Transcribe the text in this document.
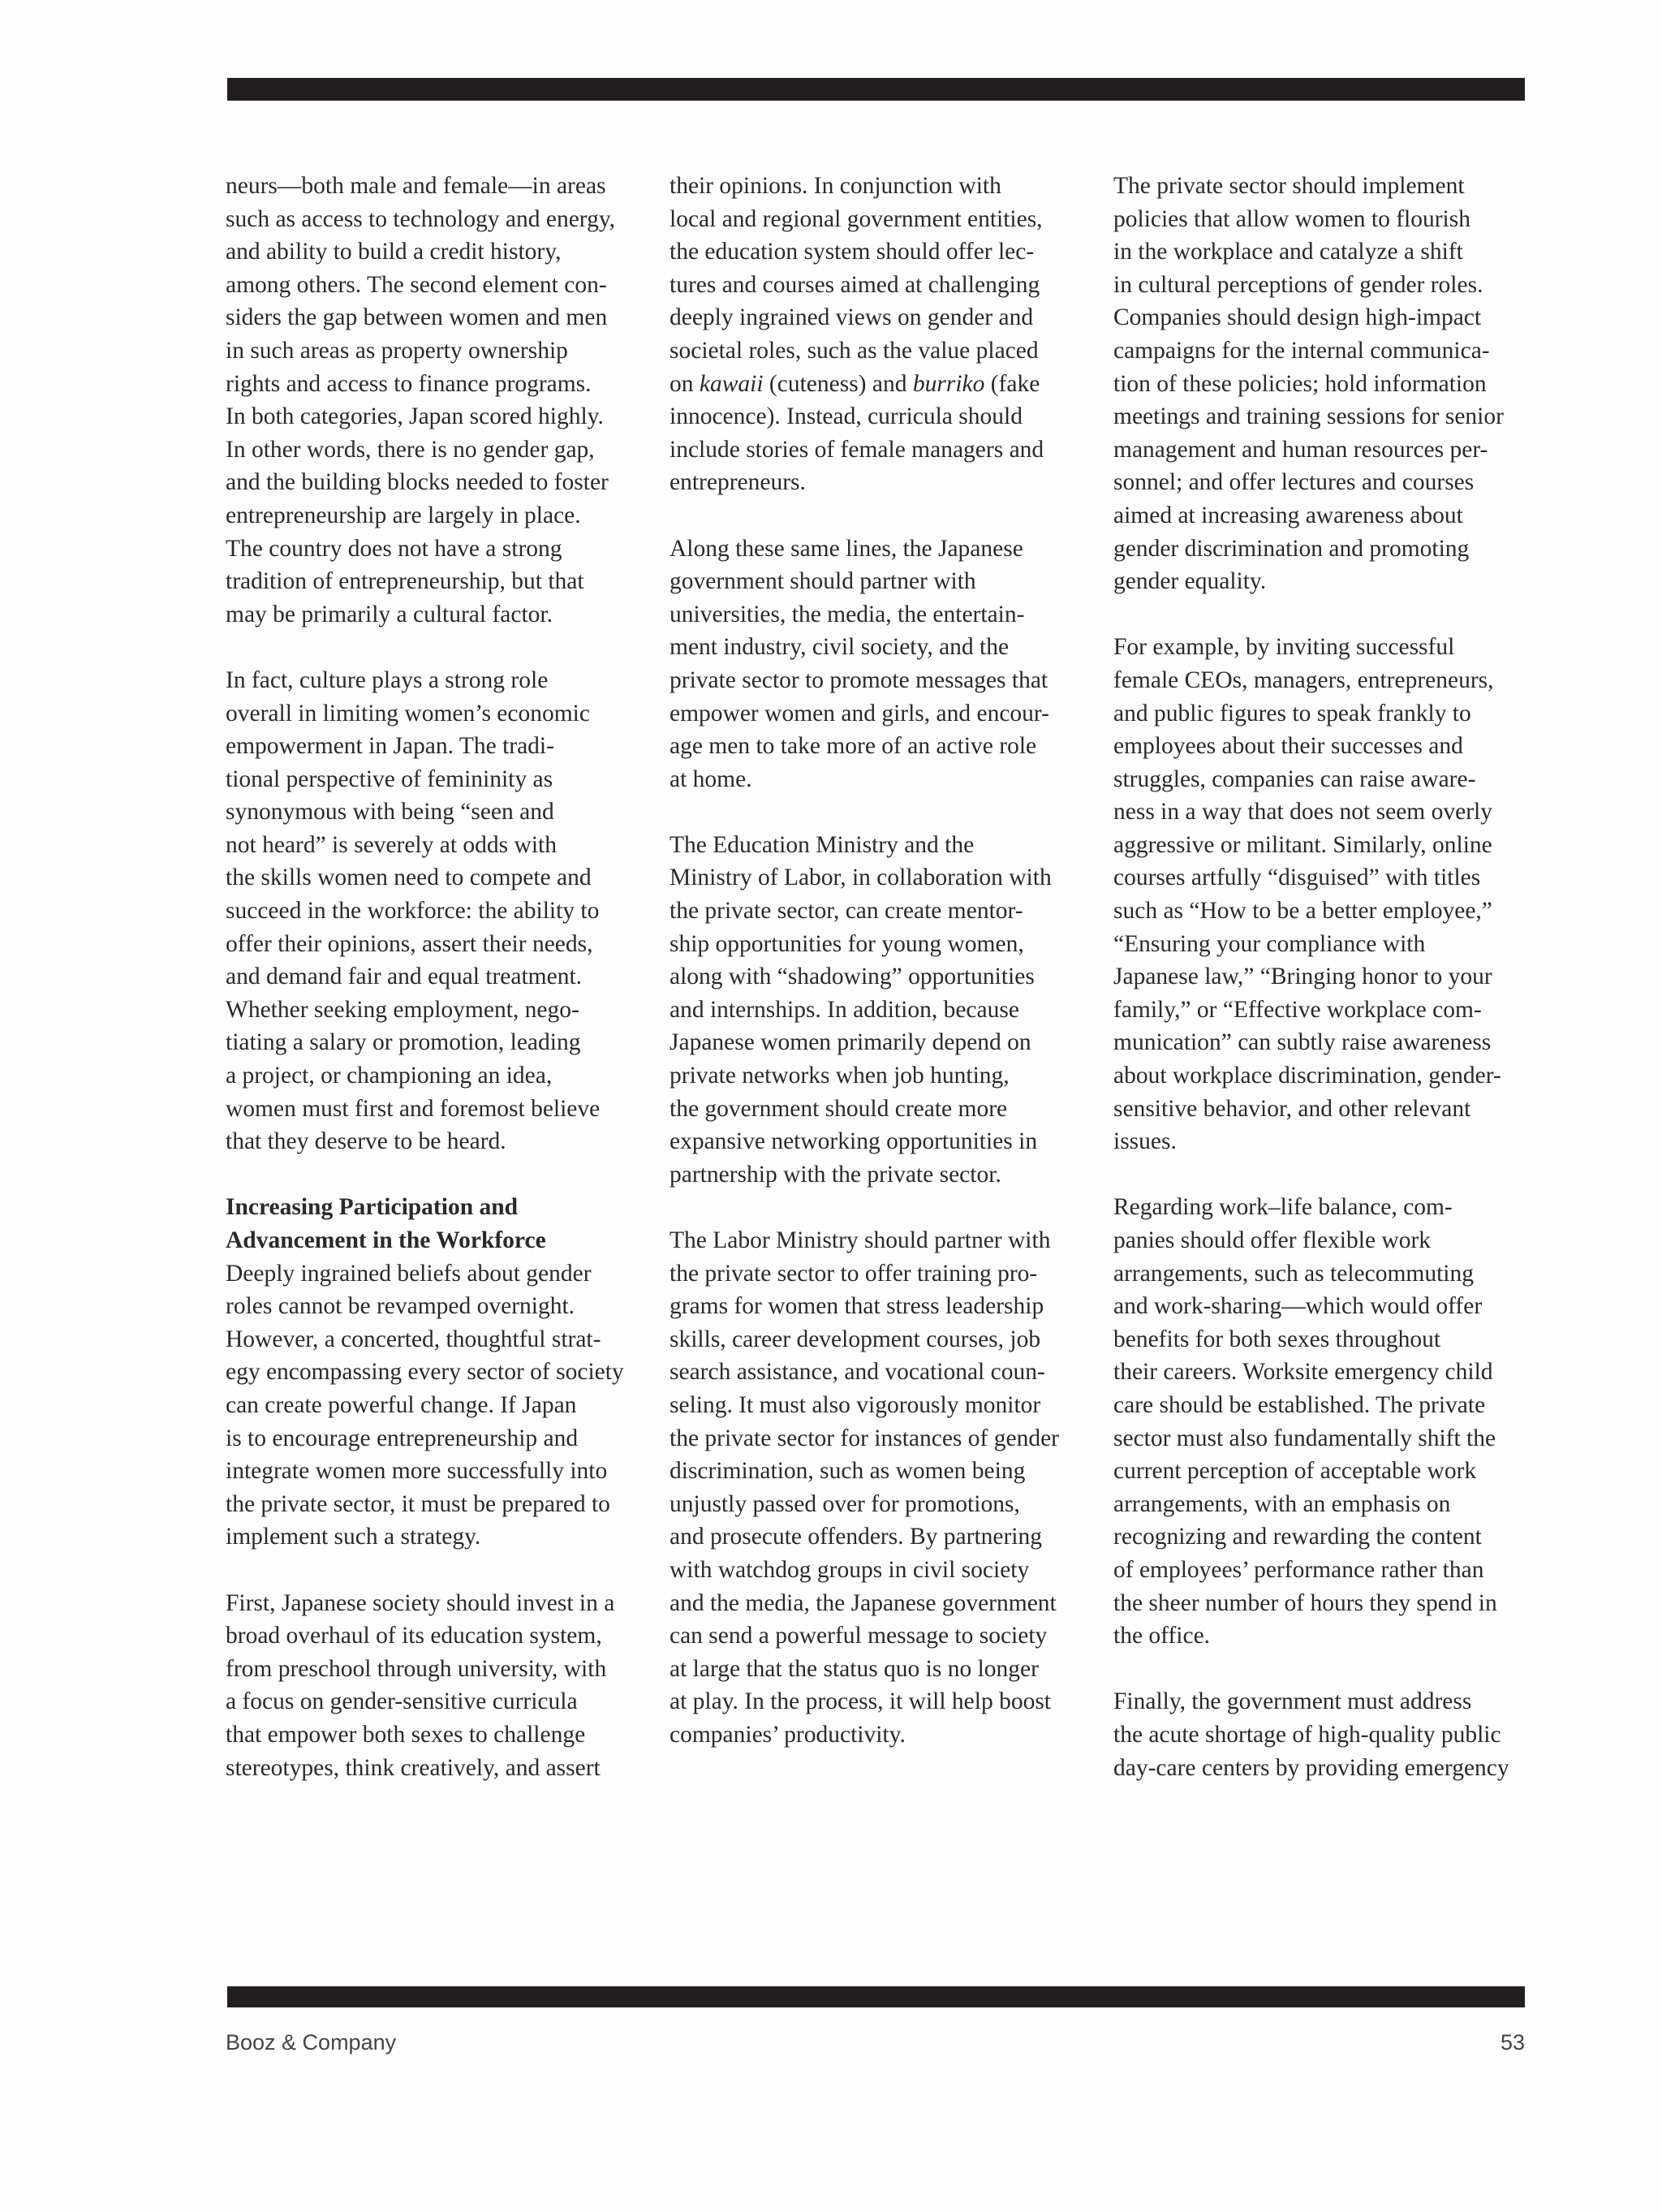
neurs—both male and female—in areas
such as access to technology and energy,
and ability to build a credit history,
among others. The second element con-
siders the gap between women and men
in such areas as property ownership
rights and access to finance programs.
In both categories, Japan scored highly.
In other words, there is no gender gap,
and the building blocks needed to foster
entrepreneurship are largely in place.
The country does not have a strong
tradition of entrepreneurship, but that
may be primarily a cultural factor.
In fact, culture plays a strong role
overall in limiting women’s economic
empowerment in Japan. The tradi-
tional perspective of femininity as
synonymous with being “seen and
not heard” is severely at odds with
the skills women need to compete and
succeed in the workforce: the ability to
offer their opinions, assert their needs,
and demand fair and equal treatment.
Whether seeking employment, nego-
tiating a salary or promotion, leading
a project, or championing an idea,
women must first and foremost believe
that they deserve to be heard.
Increasing Participation and
Advancement in the Workforce
Deeply ingrained beliefs about gender
roles cannot be revamped overnight.
However, a concerted, thoughtful strat-
egy encompassing every sector of society
can create powerful change. If Japan
is to encourage entrepreneurship and
integrate women more successfully into
the private sector, it must be prepared to
implement such a strategy.
First, Japanese society should invest in a
broad overhaul of its education system,
from preschool through university, with
a focus on gender-sensitive curricula
that empower both sexes to challenge
stereotypes, think creatively, and assert
their opinions. In conjunction with
local and regional government entities,
the education system should offer lec-
tures and courses aimed at challenging
deeply ingrained views on gender and
societal roles, such as the value placed
on kawaii (cuteness) and burriko (fake
innocence). Instead, curricula should
include stories of female managers and
entrepreneurs.
Along these same lines, the Japanese
government should partner with
universities, the media, the entertain-
ment industry, civil society, and the
private sector to promote messages that
empower women and girls, and encour-
age men to take more of an active role
at home.
The Education Ministry and the
Ministry of Labor, in collaboration with
the private sector, can create mentor-
ship opportunities for young women,
along with “shadowing” opportunities
and internships. In addition, because
Japanese women primarily depend on
private networks when job hunting,
the government should create more
expansive networking opportunities in
partnership with the private sector.
The Labor Ministry should partner with
the private sector to offer training pro-
grams for women that stress leadership
skills, career development courses, job
search assistance, and vocational coun-
seling. It must also vigorously monitor
the private sector for instances of gender
discrimination, such as women being
unjustly passed over for promotions,
and prosecute offenders. By partnering
with watchdog groups in civil society
and the media, the Japanese government
can send a powerful message to society
at large that the status quo is no longer
at play. In the process, it will help boost
companies’ productivity.
The private sector should implement
policies that allow women to flourish
in the workplace and catalyze a shift
in cultural perceptions of gender roles.
Companies should design high-impact
campaigns for the internal communica-
tion of these policies; hold information
meetings and training sessions for senior
management and human resources per-
sonnel; and offer lectures and courses
aimed at increasing awareness about
gender discrimination and promoting
gender equality.
For example, by inviting successful
female CEOs, managers, entrepreneurs,
and public figures to speak frankly to
employees about their successes and
struggles, companies can raise aware-
ness in a way that does not seem overly
aggressive or militant. Similarly, online
courses artfully “disguised” with titles
such as “How to be a better employee,”
“Ensuring your compliance with
Japanese law,” “Bringing honor to your
family,” or “Effective workplace com-
munication” can subtly raise awareness
about workplace discrimination, gender-
sensitive behavior, and other relevant
issues.
Regarding work–life balance, com-
panies should offer flexible work
arrangements, such as telecommuting
and work-sharing—which would offer
benefits for both sexes throughout
their careers. Worksite emergency child
care should be established. The private
sector must also fundamentally shift the
current perception of acceptable work
arrangements, with an emphasis on
recognizing and rewarding the content
of employees’ performance rather than
the sheer number of hours they spend in
the office.
Finally, the government must address
the acute shortage of high-quality public
day-care centers by providing emergency
Booz & Company	53
